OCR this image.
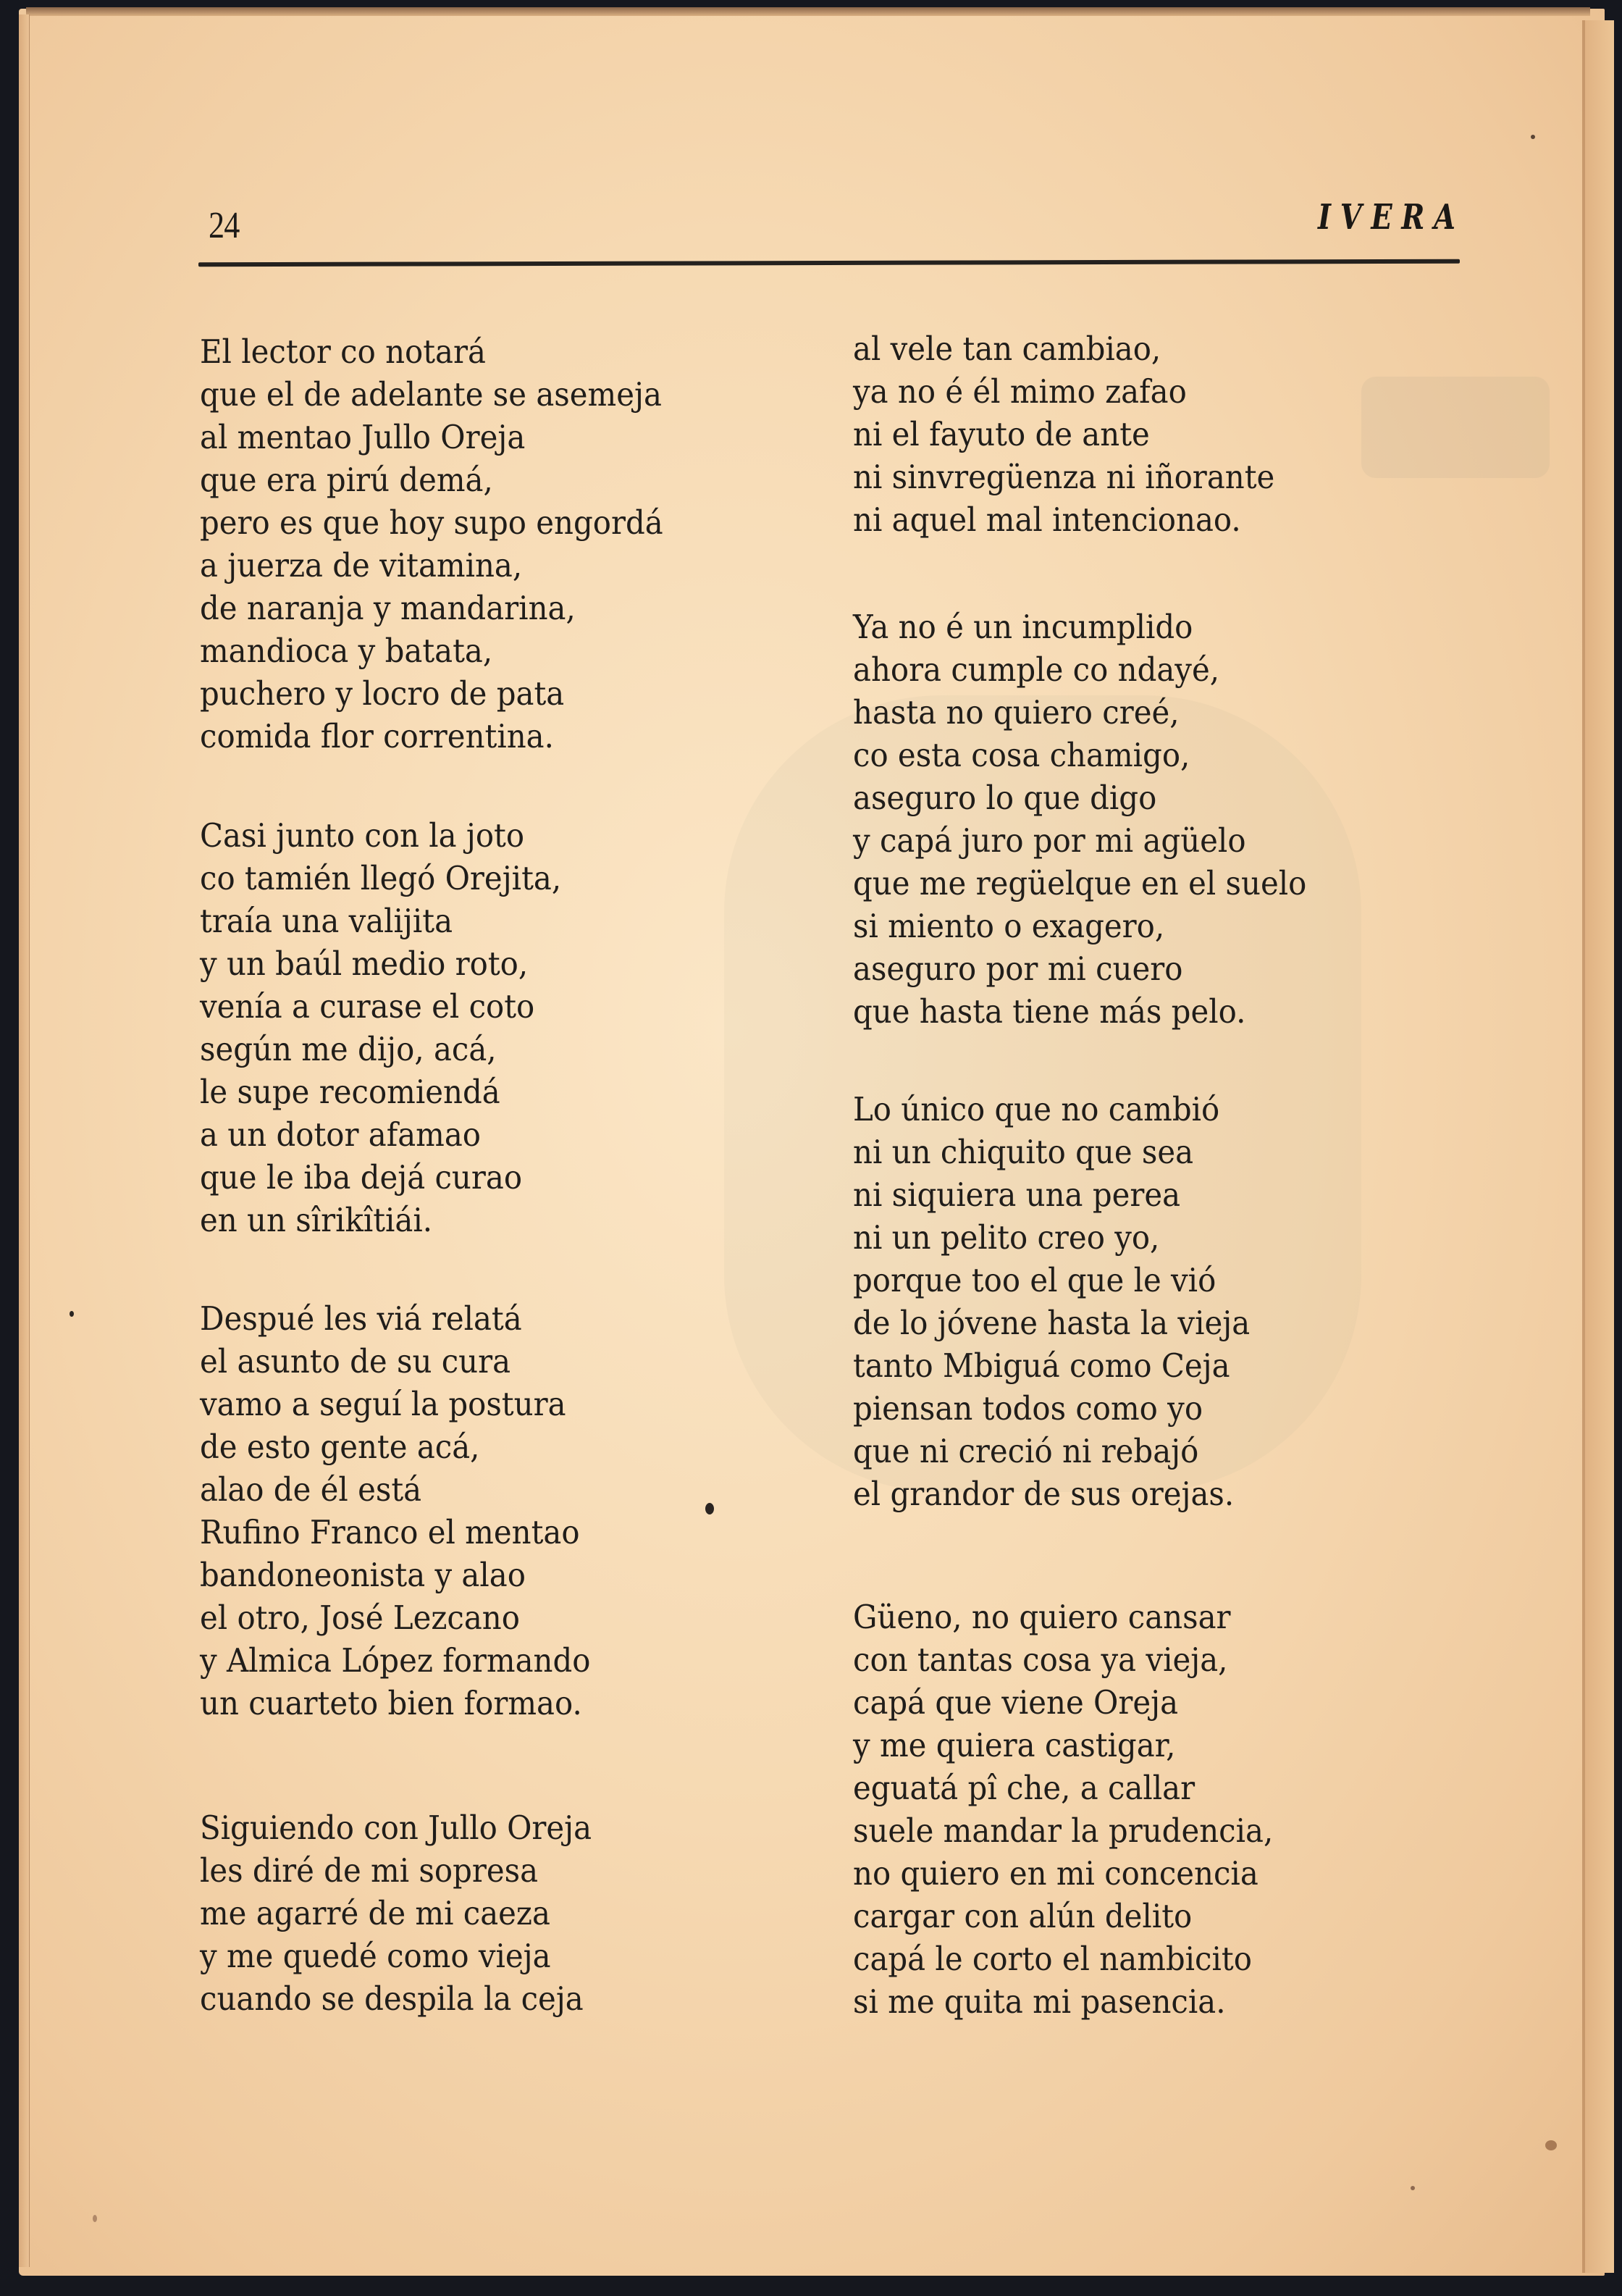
24	IVERA
El lector co notará
que el de adelante se asemeja
al mentao Jullo Oreja
que era pirú demá,
pero es que hoy supo engordá
a juerza de vitamina,
de naranja y mandarina,
mandioca y batata,
puchero y locro de pata
comida flor correntina.
Casi junto con la joto
co tamién llegó Orejita,
traía una valijita
y un baúl medio roto,
venía a curase el coto
según me dijo, acá,
le supe recomiendá
a un dotor afamao
que le iba dejá curao
en un sîrikîtiái.
Despué les viá relatá
el asunto de su cura
vamo a seguí la postura
de esto gente acá,
alao de él está
Rufino Franco el mentao
bandoneonista y alao
el otro, José Lezcano
y Almica López formando
un cuarteto bien formao.
Siguiendo con Jullo Oreja
les diré de mi sopresa
me agarré de mi caeza
y me quedé como vieja
cuando se despila la ceja
al vele tan cambiao,
ya no é él mimo zafao
ni el fayuto de ante
ni sinvregüenza ni iñorante
ni aquel mal intencionao.
Ya no é un incumplido
ahora cumple co ndayé,
hasta no quiero creé,
co esta cosa chamigo,
aseguro lo que digo
y capá juro por mi agüelo
que me regüelque en el suelo
si miento o exagero,
aseguro por mi cuero
que hasta tiene más pelo.
Lo único que no cambió
ni un chiquito que sea
ni siquiera una perea
ni un pelito creo yo,
porque too el que le vió
de lo jóvene hasta la vieja
tanto Mbiguá como Ceja
piensan todos como yo
que ni creció ni rebajó
el grandor de sus orejas.
Güeno, no quiero cansar
con tantas cosa ya vieja,
capá que viene Oreja
y me quiera castigar,
eguatá pî che, a callar
suele mandar la prudencia,
no quiero en mi concencia
cargar con alún delito
capá le corto el nambicito
si me quita mi pasencia.
